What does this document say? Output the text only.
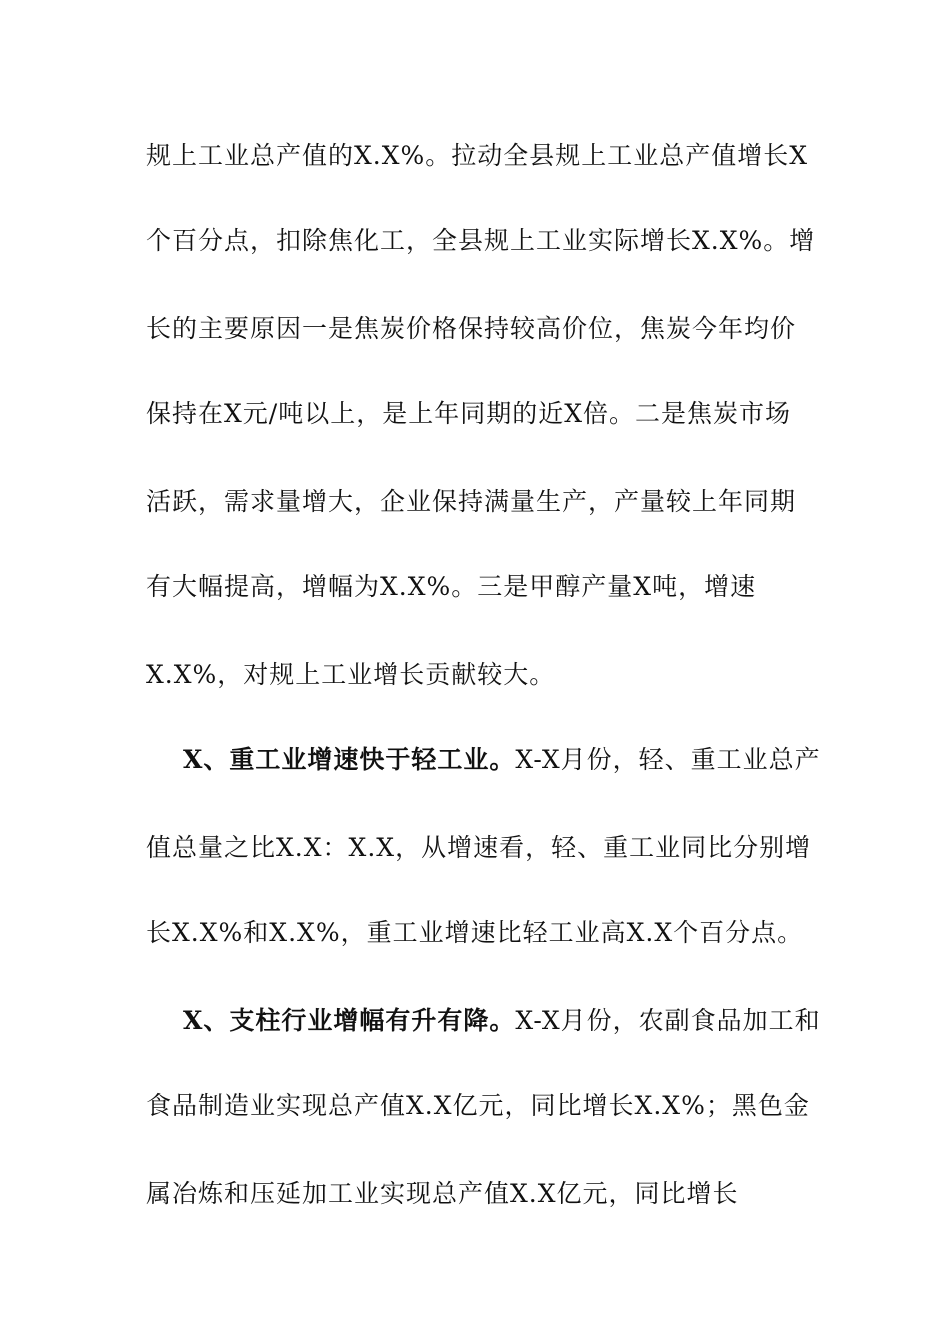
规上工业总产值的X.X%。拉动全县规上工业总产值增长X
个百分点，扣除焦化工，全县规上工业实际增长X.X%。增
长的主要原因一是焦炭价格保持较高价位，焦炭今年均价
保持在X元/吨以上，是上年同期的近X倍。二是焦炭市场
活跃，需求量增大，企业保持满量生产，产量较上年同期
有大幅提高，增幅为X.X%。三是甲醇产量X吨，增速
X.X%，对规上工业增长贡献较大。
X、重工业增速快于轻工业。X-X月份，轻、重工业总产
值总量之比X.X：X.X，从增速看，轻、重工业同比分别增
长X.X%和X.X%，重工业增速比轻工业高X.X个百分点。
X、支柱行业增幅有升有降。X-X月份，农副食品加工和
食品制造业实现总产值X.X亿元，同比增长X.X%；黑色金
属冶炼和压延加工业实现总产值X.X亿元，同比增长
